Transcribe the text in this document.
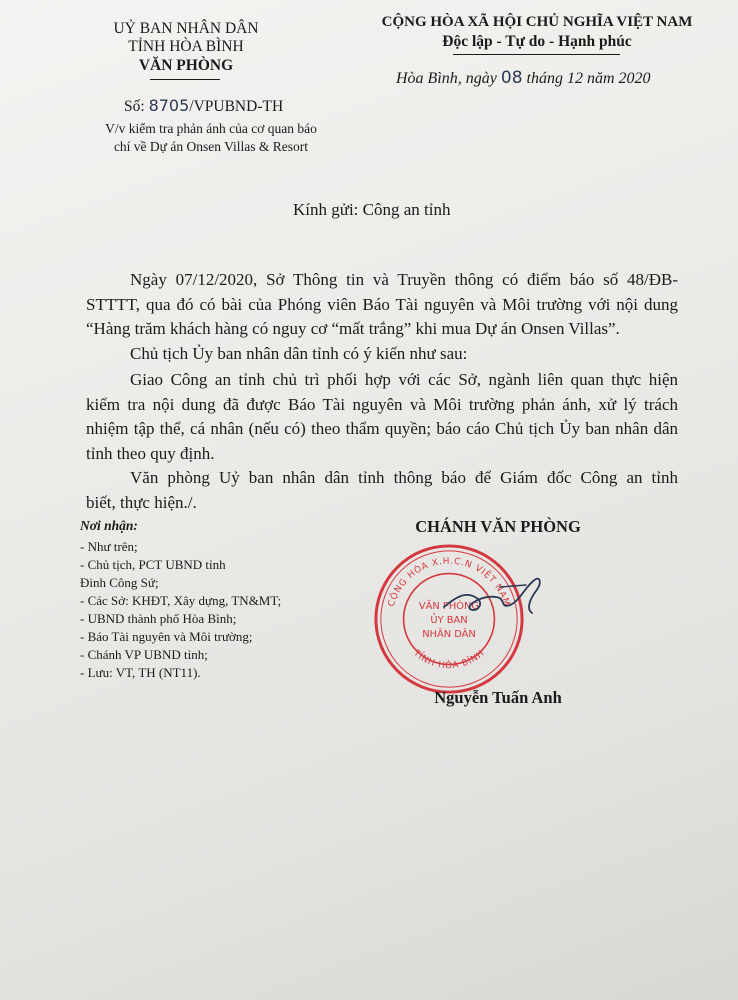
UỶ BAN NHÂN DÂN

TỈNH HÒA BÌNH

VĂN PHÒNG

CỘNG HÒA XÃ HỘI CHỦ NGHĨA VIỆT NAM

Độc lập - Tự do - Hạnh phúc

Hòa Bình, ngày 08 tháng 12 năm 2020

Số: 8705/VPUBND-TH

V/v kiểm tra phản ánh của cơ quan báo
chí về Dự án Onsen Villas & Resort

Kính gửi: Công an tỉnh

Ngày 07/12/2020, Sở Thông tin và Truyền thông có điểm báo số 48/ĐB-
STTTT, qua đó có bài của Phóng viên Báo Tài nguyên và Môi trường với nội dung
“Hàng trăm khách hàng có nguy cơ “mất trắng” khi mua Dự án Onsen Villas”.
Chủ tịch Ủy ban nhân dân tỉnh có ý kiến như sau:
Giao Công an tỉnh chủ trì phối hợp với các Sở, ngành liên quan thực hiện
kiểm tra nội dung đã được Báo Tài nguyên và Môi trường phản ánh, xử lý trách
nhiệm tập thể, cá nhân (nếu có) theo thẩm quyền; báo cáo Chủ tịch Ủy ban nhân dân
tỉnh theo quy định.
Văn phòng Uỷ ban nhân dân tỉnh thông báo để Giám đốc Công an tỉnh
biết, thực hiện./.

Nơi nhận:

- Như trên;
- Chủ tịch, PCT UBND tỉnh
Đinh Công Sứ;
- Các Sở: KHĐT, Xây dựng, TN&MT;
- UBND thành phố Hòa Bình;
- Báo Tài nguyên và Môi trường;
- Chánh VP UBND tỉnh;
- Lưu: VT, TH (NT11).

CHÁNH VĂN PHÒNG

CỘNG HÒA X.H.C.N VIỆT NAM
TỈNH HÒA BÌNH
VĂN PHÒNG
ỦY BAN
NHÂN DÂN

Nguyễn Tuấn Anh
